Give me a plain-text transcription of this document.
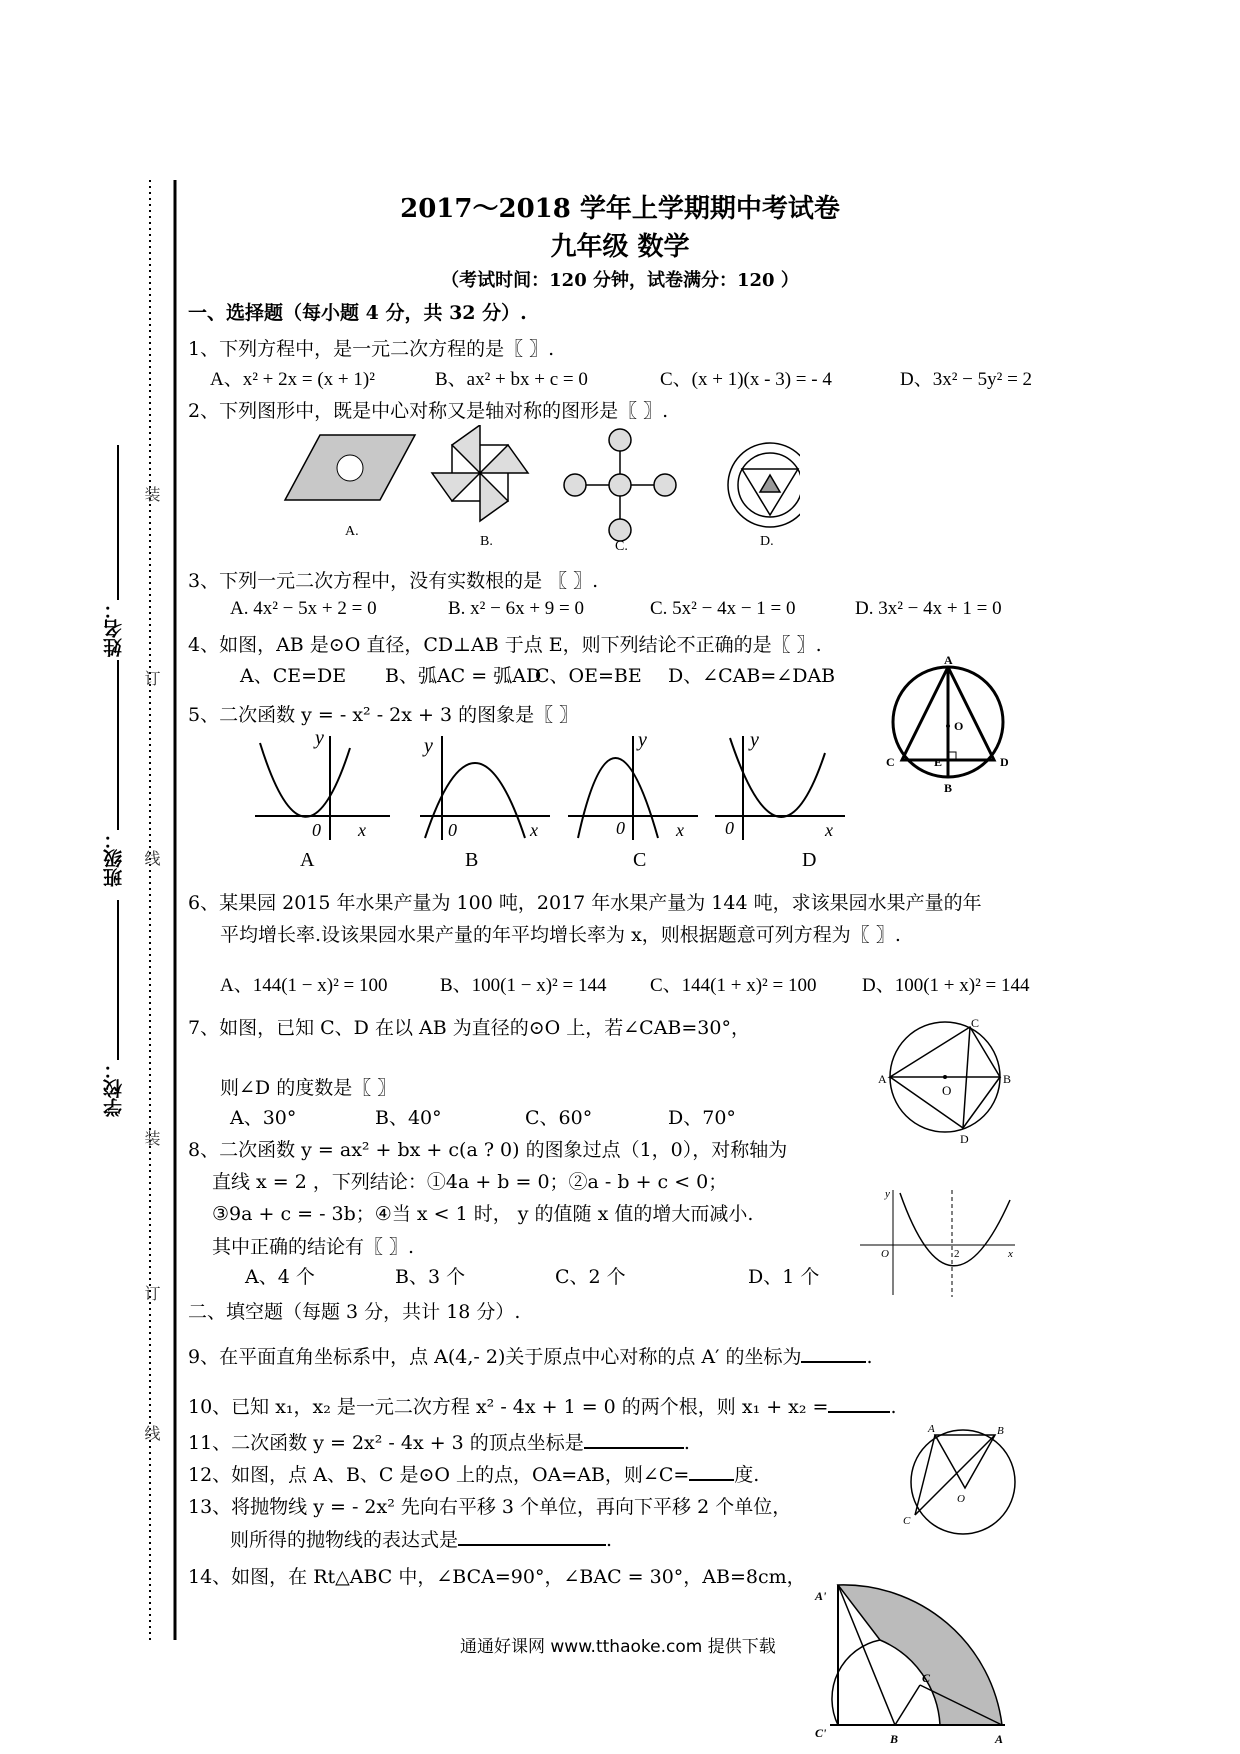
装
订
线
装
订
线
姓名：
班级：
学校：
2017～2018 学年上学期期中考试卷
九年级 数学
（考试时间：120 分钟，试卷满分：120 ）
一、选择题（每小题 4 分，共 32 分）.
1、下列方程中，是一元二次方程的是〖 〗.
A、x² + 2x = (x + 1)²	B、ax² + bx + c = 0	C、(x + 1)(x - 3) = - 4	D、3x² − 5y² = 2
2、下列图形中，既是中心对称又是轴对称的图形是〖 〗.
A.
B.	C.	D.
3、下列一元二次方程中，没有实数根的是 〖 〗.
A. 4x² − 5x + 2 = 0	B. x² − 6x + 9 = 0	C. 5x² − 4x − 1 = 0	D. 3x² − 4x + 1 = 0
4、如图，AB 是⊙O 直径，CD⊥AB 于点 E，则下列结论不正确的是〖 〗.
A、CE=DE B、弧AC = 弧AD
C、OE=BE D、∠CAB=∠DAB
A
O
C	E	D
B
5、二次函数 y = - x² - 2x + 3 的图象是〖 〗
y
0 x
y
0	x
y
0	x
y
0	x
A	B	C	D
6、某果园 2015 年水果产量为 100 吨，2017 年水果产量为 144 吨，求该果园水果产量的年
平均增长率.设该果园水果产量的年平均增长率为 x，则根据题意可列方程为〖 〗.
A、144(1 − x)² = 100	B、100(1 − x)² = 144 C、144(1 + x)² = 100 D、100(1 + x)² = 144
7、如图，已知 C、D 在以 AB 为直径的⊙O 上，若∠CAB=30°，
则∠D 的度数是〖 〗
A、30°	B、40°	C、60°	D、70°
A
O
B
C
D
8、二次函数 y = ax² + bx + c(a ? 0) 的图象过点（1，0），对称轴为
直线 x = 2 ，下列结论：①4a + b = 0；②a - b + c < 0；
③9a + c = - 3b；④当 x < 1 时， y 的值随 x 值的增大而减小.
其中正确的结论有〖 〗.
A、4 个	B、3 个	C、2 个	D、1 个
y
O	2	x
二、填空题（每题 3 分，共计 18 分）.
9、在平面直角坐标系中，点 A(4,- 2)关于原点中心对称的点 A′ 的坐标为	.
10、已知 x₁，x₂ 是一元二次方程 x² - 4x + 1 = 0 的两个根，则 x₁ + x₂ =	.
11、二次函数 y = 2x² - 4x + 3 的顶点坐标是	.
12、如图，点 A、B、C 是⊙O 上的点，OA=AB，则∠C= 度.
A	B
O
C
13、将抛物线 y = - 2x² 先向右平移 3 个单位，再向下平移 2 个单位，
则所得的抛物线的表达式是	.
14、如图，在 Rt△ABC 中，∠BCA=90°，∠BAC = 30°，AB=8cm，
A'
C
C'	B	A
通通好课网 www.tthaoke.com 提供下载
